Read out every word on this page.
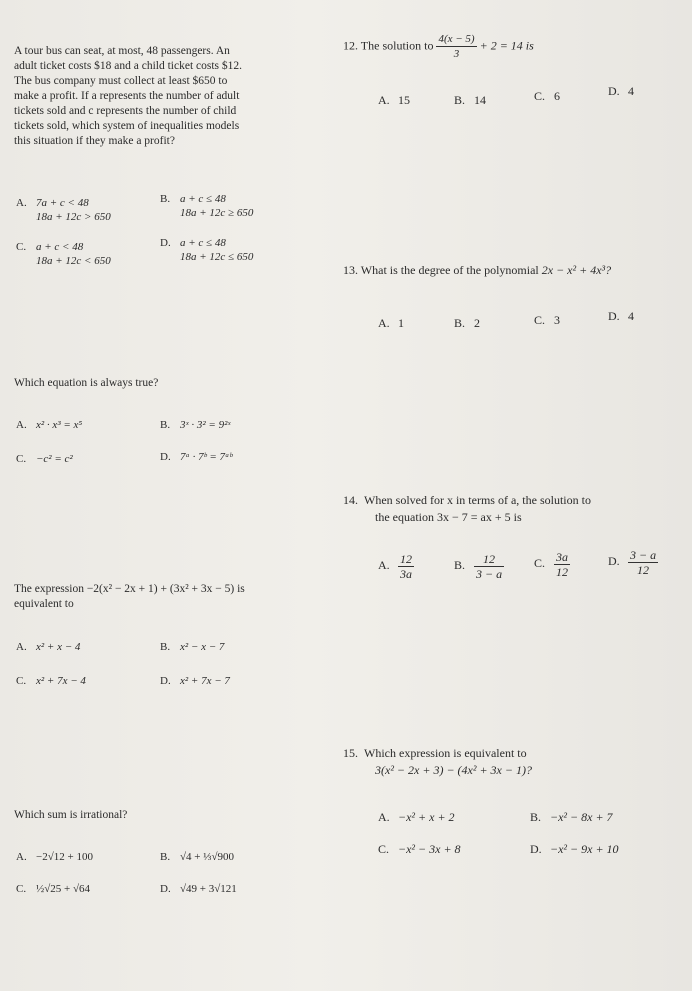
A tour bus can seat, at most, 48 passengers. An
adult ticket costs $18 and a child ticket costs $12.
The bus company must collect at least $650 to
make a profit. If a represents the number of adult
tickets sold and c represents the number of child
tickets sold, which system of inequalities models
this situation if they make a profit?
A. 7a + c < 48
18a + 12c > 650
B. a + c ≤ 48
18a + 12c ≥ 650
C. a + c < 48
18a + 12c < 650
D. a + c ≤ 48
18a + 12c ≤ 650
12. The solution to $\frac{4(x - 5)}{3} + 2 = 14$ is
A. 15	B. 14	C. 6	D. 4
13. What is the degree of the polynomial 2x − x² + 4x³?
A. 1	B. 2	C. 3	D. 4
Which equation is always true?
A. x² · x³ = x⁵	B. 3ˣ · 3² = 9²ˣ
C. −c² = c²	D. 7ᵃ · 7ᵇ = 7ᵃᵇ
14. When solved for x in terms of a, the solution to
the equation 3x − 7 = ax + 5 is
A. $\frac{12}{3a}$	B. $\frac{12}{3 - a} C$. $\frac{3a}{12}$	D. $\frac{3 - a}{12}$
The expression −2(x² − 2x + 1) + (3x² + 3x − 5) is
equivalent to
A. x² + x − 4	B. x² − x − 7
C. x² + 7x − 4	D. x² + 7x − 7
15. Which expression is equivalent to
3(x² − 2x + 3) − (4x² + 3x − 1)?
A. −x² + x + 2	B. −x² − 8x + 7
C. −x² − 3x + 8	D. −x² − 9x + 10
Which sum is irrational?
A. −2√12 + 100	B. √4 + ⅓√900
C. ½√25 + √64	D. √49 + 3√121
